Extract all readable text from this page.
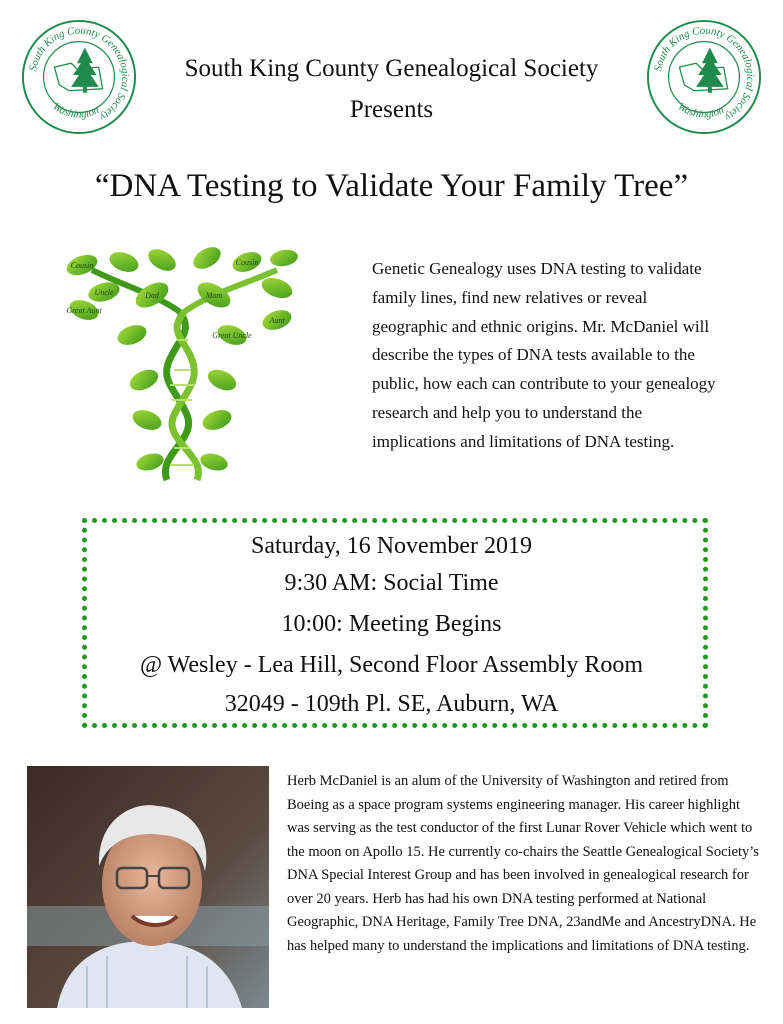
South King County Genealogical Society
Washington
South King County Genealogical Society
Washington
South King County Genealogical Society
Presents
“DNA Testing to Validate Your Family Tree”
Dad	Mom
Uncle
Aunt
Great Aunt
Great Uncle
Cousin	Cousin	Genetic Genealogy uses DNA testing to validate family lines, find new relatives or reveal geographic and ethnic origins. Mr. McDaniel will describe the types of DNA tests available to the public, how each can contribute to your genealogy research and help you to understand the implications and limitations of DNA testing.
Saturday, 16 November 2019
9:30 AM: Social Time
10:00: Meeting Begins
@ Wesley - Lea Hill, Second Floor Assembly Room
32049 - 109th Pl. SE, Auburn, WA
Herb McDaniel is an alum of the University of Washington and retired from Boeing as a space program systems engineering manager. His career highlight was serving as the test conductor of the first Lunar Rover Vehicle which went to the moon on Apollo 15. He currently co-chairs the Seattle Genealogical Society’s DNA Special Interest Group and has been involved in genealogical research for over 20 years. Herb has had his own DNA testing performed at National Geographic, DNA Heritage, Family Tree DNA, 23andMe and AncestryDNA. He has helped many to understand the implications and limitations of DNA testing.
